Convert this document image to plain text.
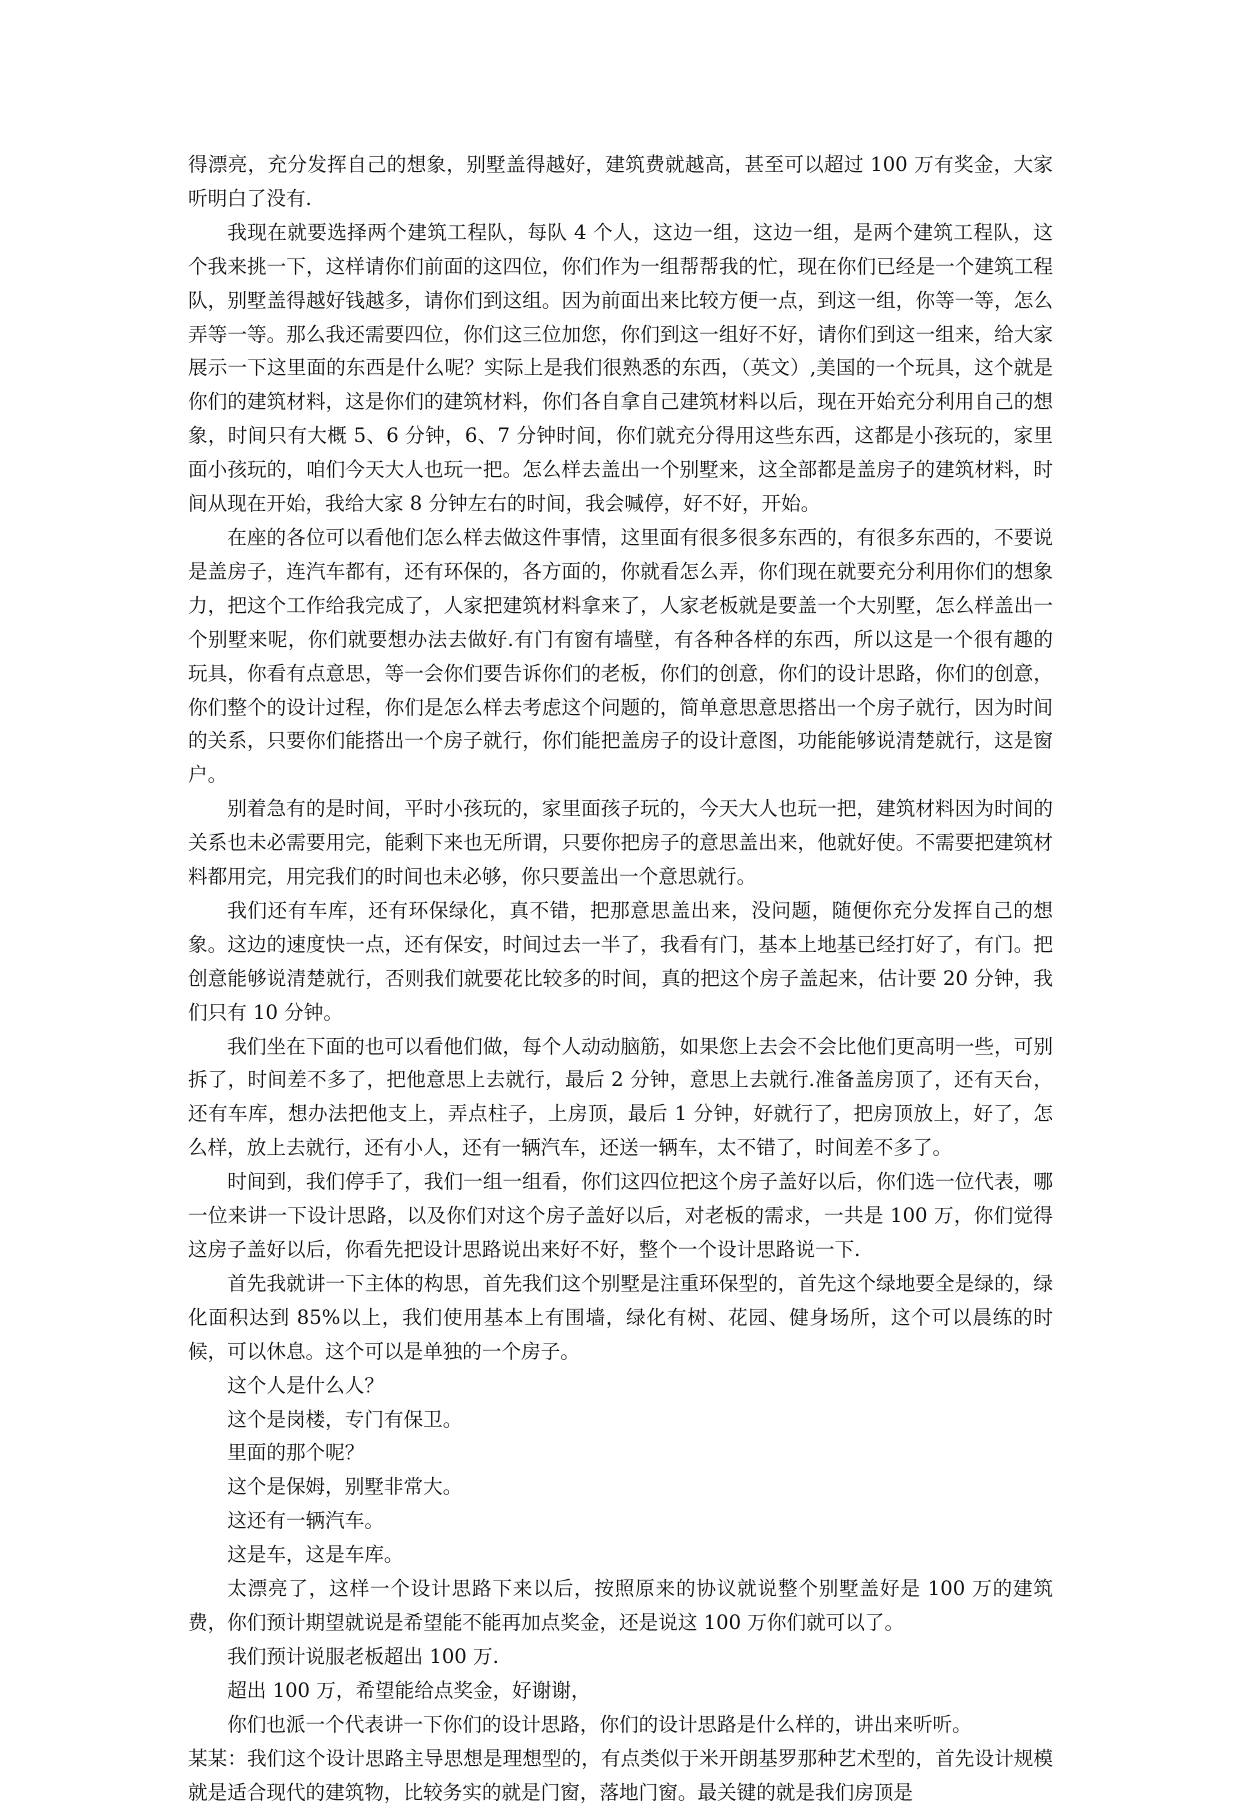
得漂亮，充分发挥自己的想象，别墅盖得越好，建筑费就越高，甚至可以超过 100 万有奖金，大家听明白了没有.

我现在就要选择两个建筑工程队，每队 4 个人，这边一组，这边一组，是两个建筑工程队，这个我来挑一下，这样请你们前面的这四位，你们作为一组帮帮我的忙，现在你们已经是一个建筑工程队，别墅盖得越好钱越多，请你们到这组。因为前面出来比较方便一点，到这一组，你等一等，怎么弄等一等。那么我还需要四位，你们这三位加您，你们到这一组好不好，请你们到这一组来，给大家展示一下这里面的东西是什么呢？实际上是我们很熟悉的东西，（英文）,美国的一个玩具，这个就是你们的建筑材料，这是你们的建筑材料，你们各自拿自己建筑材料以后，现在开始充分利用自己的想象，时间只有大概 5、6 分钟，6、7 分钟时间，你们就充分得用这些东西，这都是小孩玩的，家里面小孩玩的，咱们今天大人也玩一把。怎么样去盖出一个别墅来，这全部都是盖房子的建筑材料，时间从现在开始，我给大家 8 分钟左右的时间，我会喊停，好不好，开始。

在座的各位可以看他们怎么样去做这件事情，这里面有很多很多东西的，有很多东西的，不要说是盖房子，连汽车都有，还有环保的，各方面的，你就看怎么弄，你们现在就要充分利用你们的想象力，把这个工作给我完成了，人家把建筑材料拿来了，人家老板就是要盖一个大别墅，怎么样盖出一个别墅来呢，你们就要想办法去做好.有门有窗有墙壁，有各种各样的东西，所以这是一个很有趣的玩具，你看有点意思，等一会你们要告诉你们的老板，你们的创意，你们的设计思路，你们的创意，你们整个的设计过程，你们是怎么样去考虑这个问题的，简单意思意思搭出一个房子就行，因为时间的关系，只要你们能搭出一个房子就行，你们能把盖房子的设计意图，功能能够说清楚就行，这是窗户。

别着急有的是时间，平时小孩玩的，家里面孩子玩的，今天大人也玩一把，建筑材料因为时间的关系也未必需要用完，能剩下来也无所谓，只要你把房子的意思盖出来，他就好使。不需要把建筑材料都用完，用完我们的时间也未必够，你只要盖出一个意思就行。

我们还有车库，还有环保绿化，真不错，把那意思盖出来，没问题，随便你充分发挥自己的想象。这边的速度快一点，还有保安，时间过去一半了，我看有门，基本上地基已经打好了，有门。把创意能够说清楚就行，否则我们就要花比较多的时间，真的把这个房子盖起来，估计要 20 分钟，我们只有 10 分钟。

我们坐在下面的也可以看他们做，每个人动动脑筋，如果您上去会不会比他们更高明一些，可别拆了，时间差不多了，把他意思上去就行，最后 2 分钟，意思上去就行.准备盖房顶了，还有天台，还有车库，想办法把他支上，弄点柱子，上房顶，最后 1 分钟，好就行了，把房顶放上，好了，怎么样，放上去就行，还有小人，还有一辆汽车，还送一辆车，太不错了，时间差不多了。

时间到，我们停手了，我们一组一组看，你们这四位把这个房子盖好以后，你们选一位代表，哪一位来讲一下设计思路，以及你们对这个房子盖好以后，对老板的需求，一共是 100 万，你们觉得这房子盖好以后，你看先把设计思路说出来好不好，整个一个设计思路说一下.

首先我就讲一下主体的构思，首先我们这个别墅是注重环保型的，首先这个绿地要全是绿的，绿化面积达到 85%以上，我们使用基本上有围墙，绿化有树、花园、健身场所，这个可以晨练的时候，可以休息。这个可以是单独的一个房子。

这个人是什么人？

这个是岗楼，专门有保卫。

里面的那个呢？

这个是保姆，别墅非常大。

这还有一辆汽车。

这是车，这是车库。

太漂亮了，这样一个设计思路下来以后，按照原来的协议就说整个别墅盖好是 100 万的建筑费，你们预计期望就说是希望能不能再加点奖金，还是说这 100 万你们就可以了。

我们预计说服老板超出 100 万.

超出 100 万，希望能给点奖金，好谢谢，

你们也派一个代表讲一下你们的设计思路，你们的设计思路是什么样的，讲出来听听。

某某：我们这个设计思路主导思想是理想型的，有点类似于米开朗基罗那种艺术型的，首先设计规模就是适合现代的建筑物，比较务实的就是门窗，落地门窗。最关键的就是我们房顶是
